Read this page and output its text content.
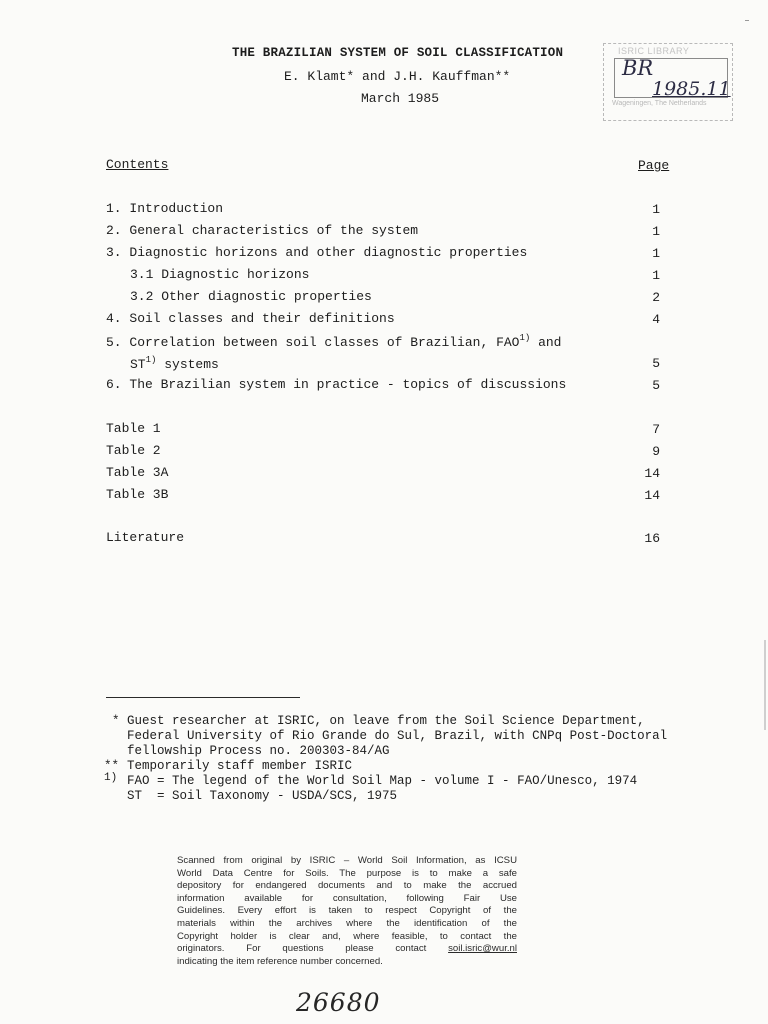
THE BRAZILIAN SYSTEM OF SOIL CLASSIFICATION
E. Klamt* and J.H. Kauffman**
March 1985
ISRIC LIBRARY
BR
1985.11
Wageningen, The Netherlands
Contents	Page
1. Introduction	1
2. General characteristics of the system	1
3. Diagnostic horizons and other diagnostic properties	1
3.1 Diagnostic horizons	1
3.2 Other diagnostic properties	2
4. Soil classes and their definitions	4
5. Correlation between soil classes of Brazilian, FAO$^{1)}$ and
ST$^{1)}$ systems	5
6. The Brazilian system in practice - topics of discussions	5
Table 1	7
Table 2	9
Table 3A	14
Table 3B	14
Literature	16
* Guest researcher at ISRIC, on leave from the Soil Science Department,
Federal University of Rio Grande do Sul, Brazil, with CNPq Post-Doctoral
fellowship Process no. 200303-84/AG
** Temporarily staff member ISRIC
1) FAO = The legend of the World Soil Map - volume I - FAO/Unesco, 1974
ST  = Soil Taxonomy - USDA/SCS, 1975
Scanned from original by ISRIC – World Soil Information, as ICSU
World Data Centre for Soils. The purpose is to make a safe
depository for endangered documents and to make the accrued
information available for consultation, following Fair Use
Guidelines. Every effort is taken to respect Copyright of the
materials within the archives where the identification of the
Copyright holder is clear and, where feasible, to contact the
originators. For questions please contact soil.isric@wur.nl
indicating the item reference number concerned.
26680
